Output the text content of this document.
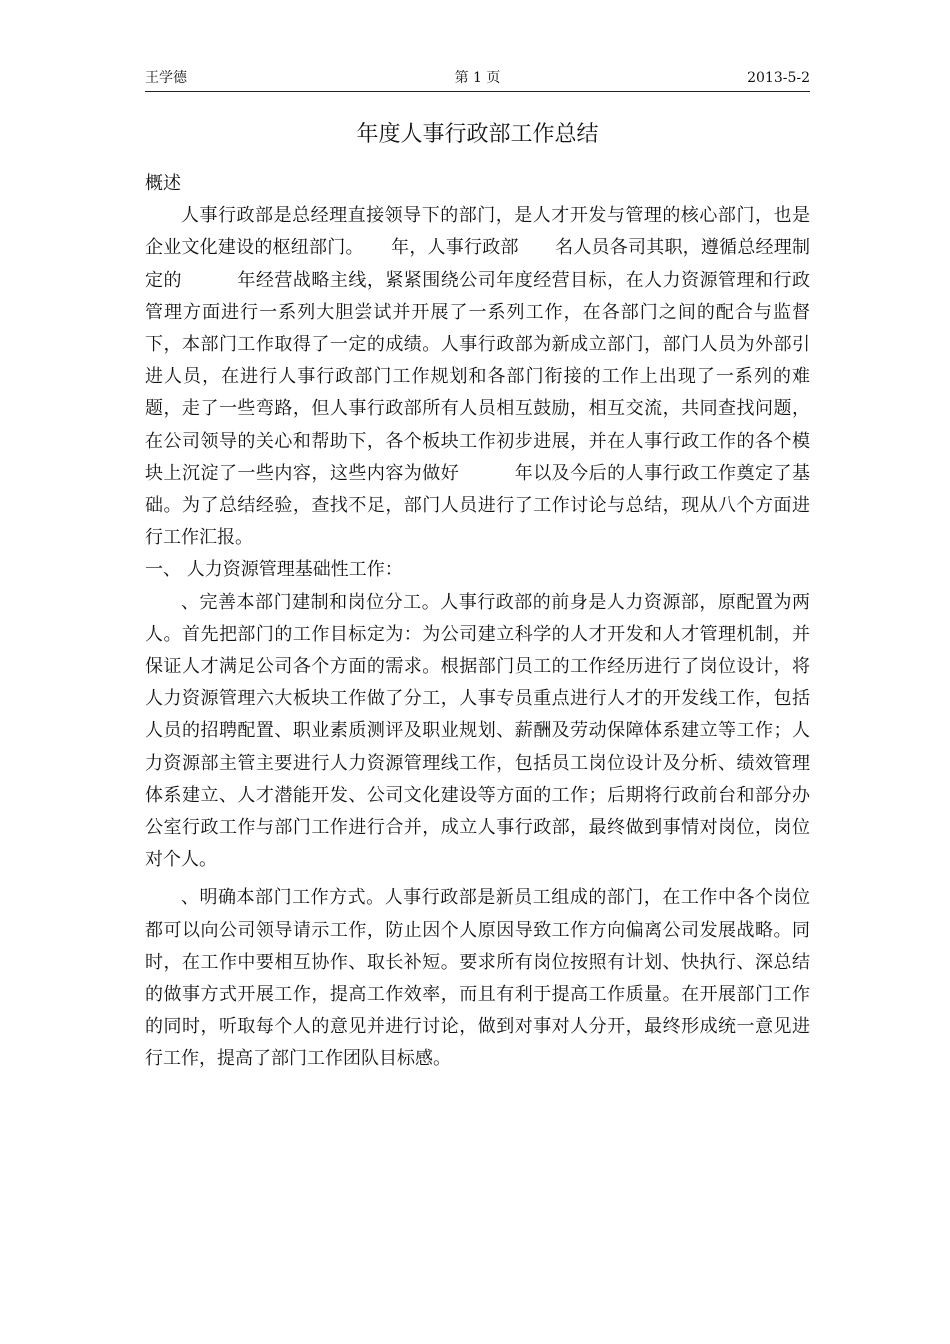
王学德	第 1 页	2013-5-2
年度人事行政部工作总结

概述

人事行政部是总经理直接领导下的部门，是人才开发与管理的核心部门，也是企业文化建设的枢纽部门。　　年，人事行政部　　名人员各司其职，遵循总经理制定的　　　年经营战略主线，紧紧围绕公司年度经营目标，在人力资源管理和行政管理方面进行一系列大胆尝试并开展了一系列工作，在各部门之间的配合与监督下，本部门工作取得了一定的成绩。人事行政部为新成立部门，部门人员为外部引进人员，在进行人事行政部门工作规划和各部门衔接的工作上出现了一系列的难题，走了一些弯路，但人事行政部所有人员相互鼓励，相互交流，共同查找问题，在公司领导的关心和帮助下，各个板块工作初步进展，并在人事行政工作的各个模块上沉淀了一些内容，这些内容为做好　　　年以及今后的人事行政工作奠定了基础。为了总结经验，查找不足，部门人员进行了工作讨论与总结，现从八个方面进行工作汇报。

一、 人力资源管理基础性工作：

、完善本部门建制和岗位分工。人事行政部的前身是人力资源部，原配置为两人。首先把部门的工作目标定为：为公司建立科学的人才开发和人才管理机制，并保证人才满足公司各个方面的需求。根据部门员工的工作经历进行了岗位设计，将人力资源管理六大板块工作做了分工，人事专员重点进行人才的开发线工作，包括人员的招聘配置、职业素质测评及职业规划、薪酬及劳动保障体系建立等工作；人力资源部主管主要进行人力资源管理线工作，包括员工岗位设计及分析、绩效管理体系建立、人才潜能开发、公司文化建设等方面的工作；后期将行政前台和部分办公室行政工作与部门工作进行合并，成立人事行政部，最终做到事情对岗位，岗位对个人。

、明确本部门工作方式。人事行政部是新员工组成的部门，在工作中各个岗位都可以向公司领导请示工作，防止因个人原因导致工作方向偏离公司发展战略。同时，在工作中要相互协作、取长补短。要求所有岗位按照有计划、快执行、深总结的做事方式开展工作，提高工作效率，而且有利于提高工作质量。在开展部门工作的同时，听取每个人的意见并进行讨论，做到对事对人分开，最终形成统一意见进行工作，提高了部门工作团队目标感。
